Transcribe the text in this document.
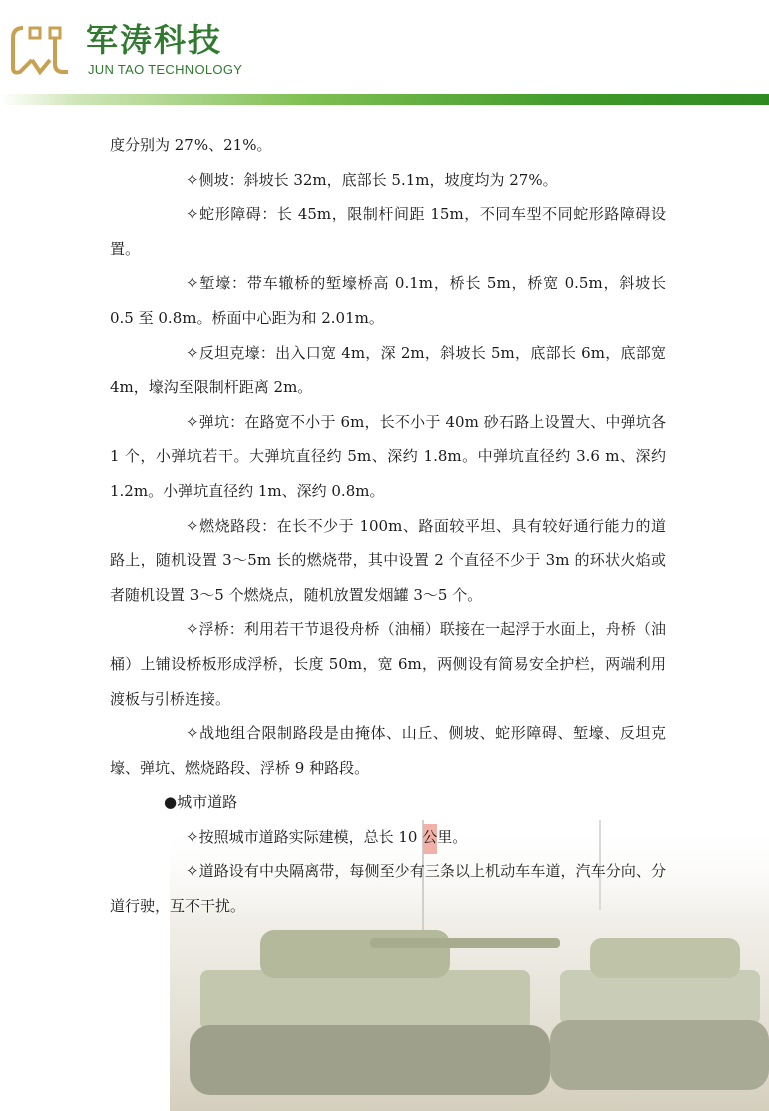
军涛科技
JUN TAO TECHNOLOGY

度分别为 27%、21%。

✧侧坡：斜坡长 32m，底部长 5.1m，坡度均为 27%。

✧蛇形障碍：长 45m，限制杆间距 15m，不同车型不同蛇形路障碍设置。

✧堑壕：带车辙桥的堑壕桥高 0.1m，桥长 5m，桥宽 0.5m，斜坡长 0.5 至 0.8m。桥面中心距为和 2.01m。

✧反坦克壕：出入口宽 4m，深 2m，斜坡长 5m，底部长 6m，底部宽 4m，壕沟至限制杆距离 2m。

✧弹坑：在路宽不小于 6m，长不小于 40m 砂石路上设置大、中弹坑各 1 个，小弹坑若干。大弹坑直径约 5m、深约 1.8m。中弹坑直径约 3.6 m、深约 1.2m。小弹坑直径约 1m、深约 0.8m。

✧燃烧路段：在长不少于 100m、路面较平坦、具有较好通行能力的道路上，随机设置 3～5m 长的燃烧带，其中设置 2 个直径不少于 3m 的环状火焰或者随机设置 3～5 个燃烧点，随机放置发烟罐 3～5 个。

✧浮桥：利用若干节退役舟桥（油桶）联接在一起浮于水面上，舟桥（油桶）上铺设桥板形成浮桥，长度 50m，宽 6m，两侧设有简易安全护栏，两端利用渡板与引桥连接。

✧战地组合限制路段是由掩体、山丘、侧坡、蛇形障碍、堑壕、反坦克壕、弹坑、燃烧路段、浮桥 9 种路段。

●城市道路

✧按照城市道路实际建模，总长 10 公里。

✧道路设有中央隔离带，每侧至少有三条以上机动车车道，汽车分向、分道行驶，互不干扰。
